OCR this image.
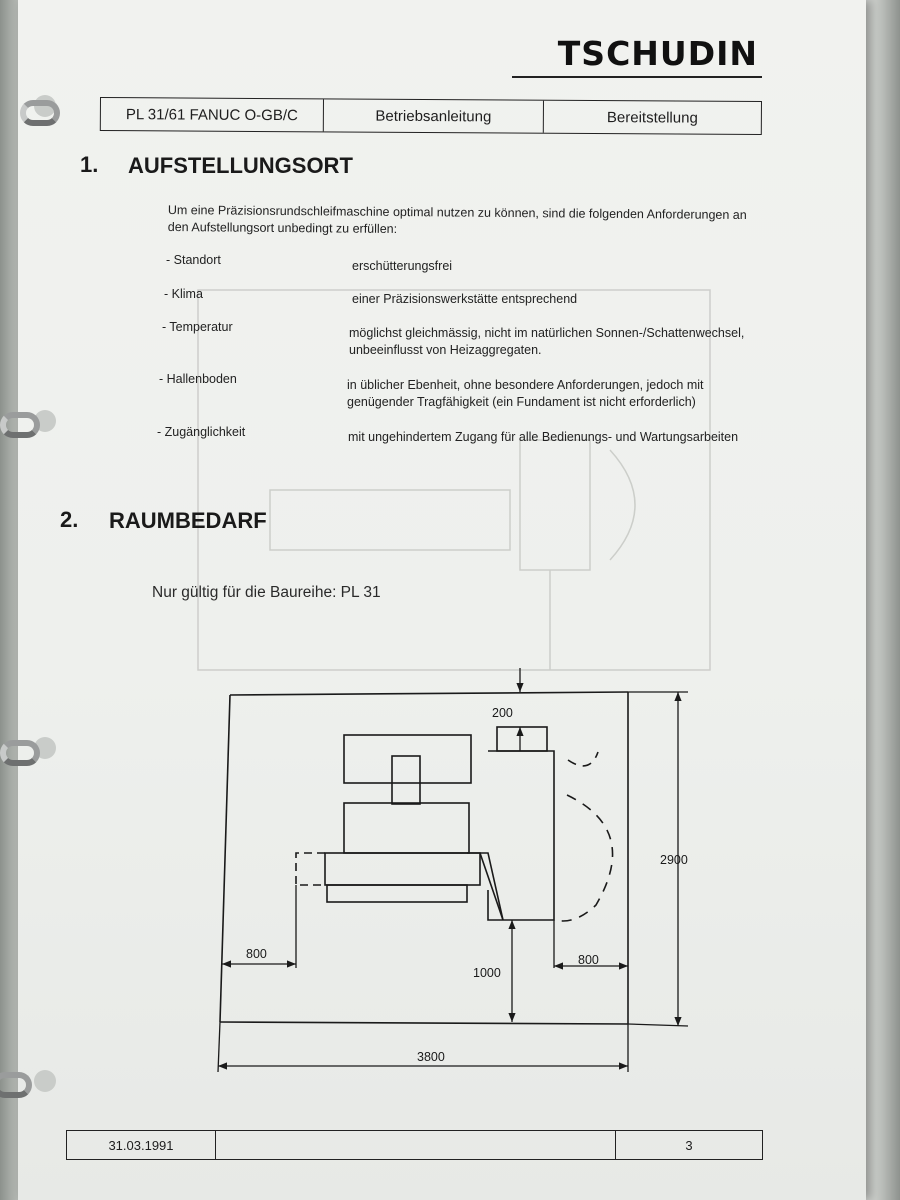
TSCHUDIN
PL 31/61 FANUC O-GB/C	Betriebsanleitung	Bereitstellung
1. AUFSTELLUNGSORT
Um eine Präzisionsrundschleifmaschine optimal nutzen zu können, sind die folgenden Anforderungen an den Aufstellungsort unbedingt zu erfüllen:
- Standort	erschütterungsfrei
- Klima	einer Präzisionswerkstätte entsprechend
- Temperatur	möglichst gleichmässig, nicht im natürlichen Sonnen-/Schattenwechsel, unbeeinflusst von Heizaggregaten.
- Hallenboden	in üblicher Ebenheit, ohne besondere Anforderungen, jedoch mit genügender Tragfähigkeit (ein Fundament ist nicht erforderlich)
- Zugänglichkeit	mit ungehindertem Zugang für alle Bedienungs- und Wartungsarbeiten
2. RAUMBEDARF
Nur gültig für die Baureihe: PL 31
200
2900
800
1000
800
3800
31.03.1991	3
